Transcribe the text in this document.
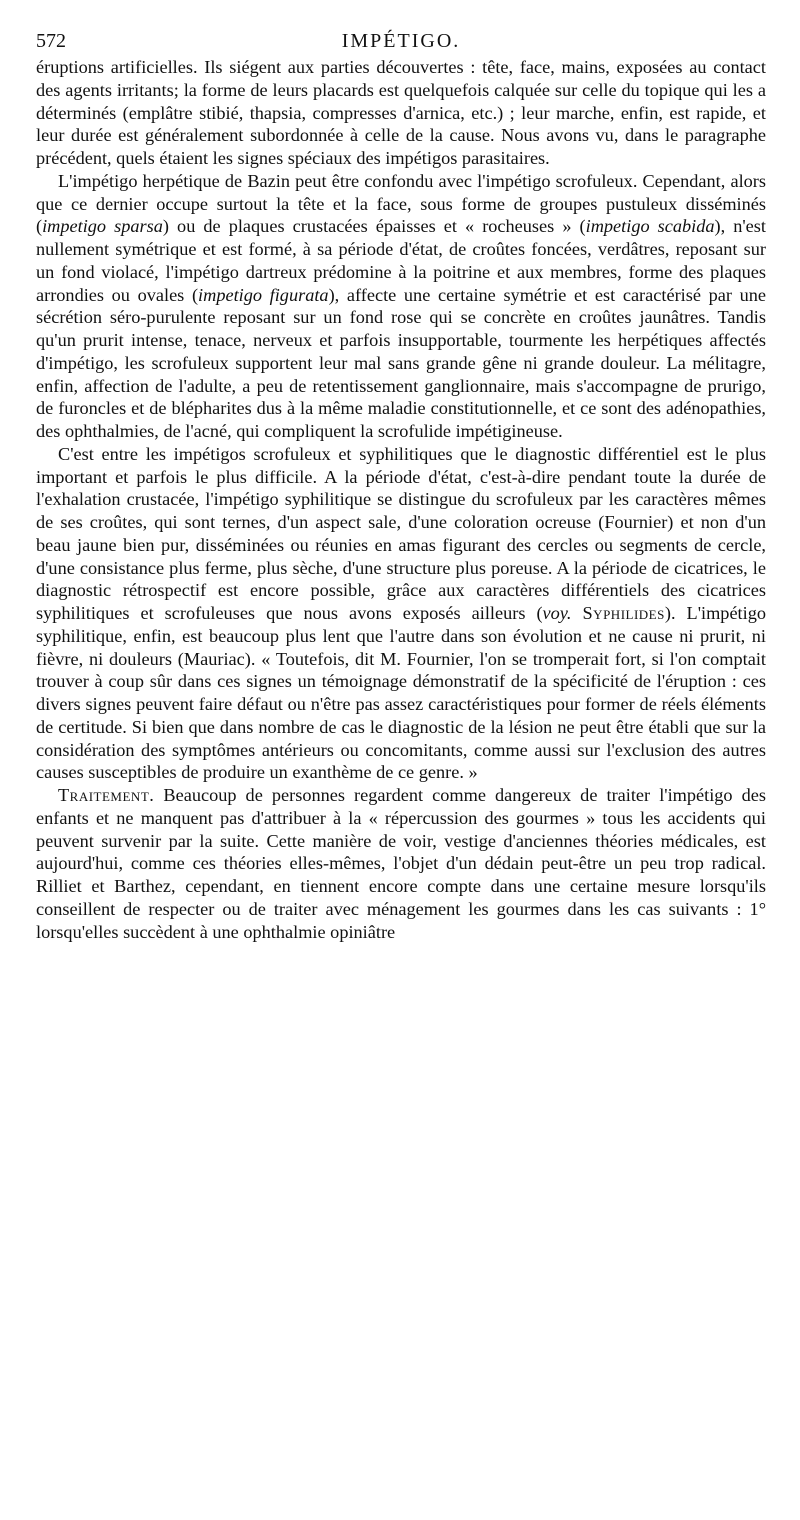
572	IMPÉTIGO.

éruptions artificielles. Ils siégent aux parties découvertes : tête, face, mains, exposées au contact des agents irritants; la forme de leurs placards est quelquefois calquée sur celle du topique qui les a déterminés (emplâtre stibié, thapsia, compresses d'arnica, etc.) ; leur marche, enfin, est rapide, et leur durée est généralement subordonnée à celle de la cause. Nous avons vu, dans le paragraphe précédent, quels étaient les signes spéciaux des impétigos parasitaires.

L'impétigo herpétique de Bazin peut être confondu avec l'impétigo scrofuleux. Cependant, alors que ce dernier occupe surtout la tête et la face, sous forme de groupes pustuleux disséminés (impetigo sparsa) ou de plaques crustacées épaisses et « rocheuses » (impetigo scabida), n'est nullement symétrique et est formé, à sa période d'état, de croûtes foncées, verdâtres, reposant sur un fond violacé, l'impétigo dartreux prédomine à la poitrine et aux membres, forme des plaques arrondies ou ovales (impetigo figurata), affecte une certaine symétrie et est caractérisé par une sécrétion séro-purulente reposant sur un fond rose qui se concrète en croûtes jaunâtres. Tandis qu'un prurit intense, tenace, nerveux et parfois insupportable, tourmente les herpétiques affectés d'impétigo, les scrofuleux supportent leur mal sans grande gêne ni grande douleur. La mélitagre, enfin, affection de l'adulte, a peu de retentissement ganglionnaire, mais s'accompagne de prurigo, de furoncles et de blépharites dus à la même maladie constitutionnelle, et ce sont des adénopathies, des ophthalmies, de l'acné, qui compliquent la scrofulide impétigineuse.

C'est entre les impétigos scrofuleux et syphilitiques que le diagnostic différentiel est le plus important et parfois le plus difficile. A la période d'état, c'est-à-dire pendant toute la durée de l'exhalation crustacée, l'impétigo syphilitique se distingue du scrofuleux par les caractères mêmes de ses croûtes, qui sont ternes, d'un aspect sale, d'une coloration ocreuse (Fournier) et non d'un beau jaune bien pur, disséminées ou réunies en amas figurant des cercles ou segments de cercle, d'une consistance plus ferme, plus sèche, d'une structure plus poreuse. A la période de cicatrices, le diagnostic rétrospectif est encore possible, grâce aux caractères différentiels des cicatrices syphilitiques et scrofuleuses que nous avons exposés ailleurs (voy. Syphilides). L'impétigo syphilitique, enfin, est beaucoup plus lent que l'autre dans son évolution et ne cause ni prurit, ni fièvre, ni douleurs (Mauriac). « Toutefois, dit M. Fournier, l'on se tromperait fort, si l'on comptait trouver à coup sûr dans ces signes un témoignage démonstratif de la spécificité de l'éruption : ces divers signes peuvent faire défaut ou n'être pas assez caractéristiques pour former de réels éléments de certitude. Si bien que dans nombre de cas le diagnostic de la lésion ne peut être établi que sur la considération des symptômes antérieurs ou concomitants, comme aussi sur l'exclusion des autres causes susceptibles de produire un exanthème de ce genre. »

Traitement. Beaucoup de personnes regardent comme dangereux de traiter l'impétigo des enfants et ne manquent pas d'attribuer à la « répercussion des gourmes » tous les accidents qui peuvent survenir par la suite. Cette manière de voir, vestige d'anciennes théories médicales, est aujourd'hui, comme ces théories elles-mêmes, l'objet d'un dédain peut-être un peu trop radical. Rilliet et Barthez, cependant, en tiennent encore compte dans une certaine mesure lorsqu'ils conseillent de respecter ou de traiter avec ménagement les gourmes dans les cas suivants : 1° lorsqu'elles succèdent à une ophthalmie opiniâtre
